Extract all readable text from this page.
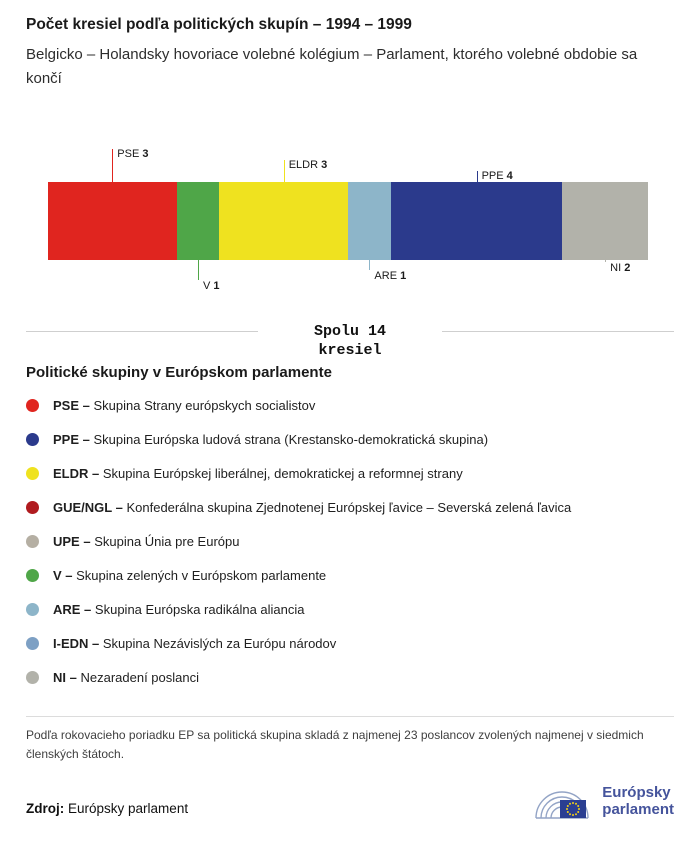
Počet kresiel podľa politických skupín – 1994 – 1999

Belgicko – Holandsky hovoriace volebné kolégium – Parlament, ktorého volebné obdobie sa končí

PSE 3
V 1
ELDR 3
ARE 1
PPE 4
NI 2
Spolu 14
kresiel
Politické skupiny v Európskom parlamente
PSE – Skupina Strany európskych socialistov
PPE – Skupina Európska ludová strana (Krestansko-demokratická skupina)
ELDR – Skupina Európskej liberálnej, demokratickej a reformnej strany
GUE/NGL – Konfederálna skupina Zjednotenej Európskej ľavice – Severská zelená ľavica
UPE – Skupina Únia pre Európu
V – Skupina zelených v Európskom parlamente
ARE – Skupina Európska radikálna aliancia
I-EDN – Skupina Nezávislých za Európu národov
NI – Nezaradení poslanci

Podľa rokovacieho poriadku EP sa politická skupina skladá z najmenej 23 poslancov zvolených najmenej v siedmich členských štátoch.

Zdroj: Európsky parlament
Európsky
parlament
